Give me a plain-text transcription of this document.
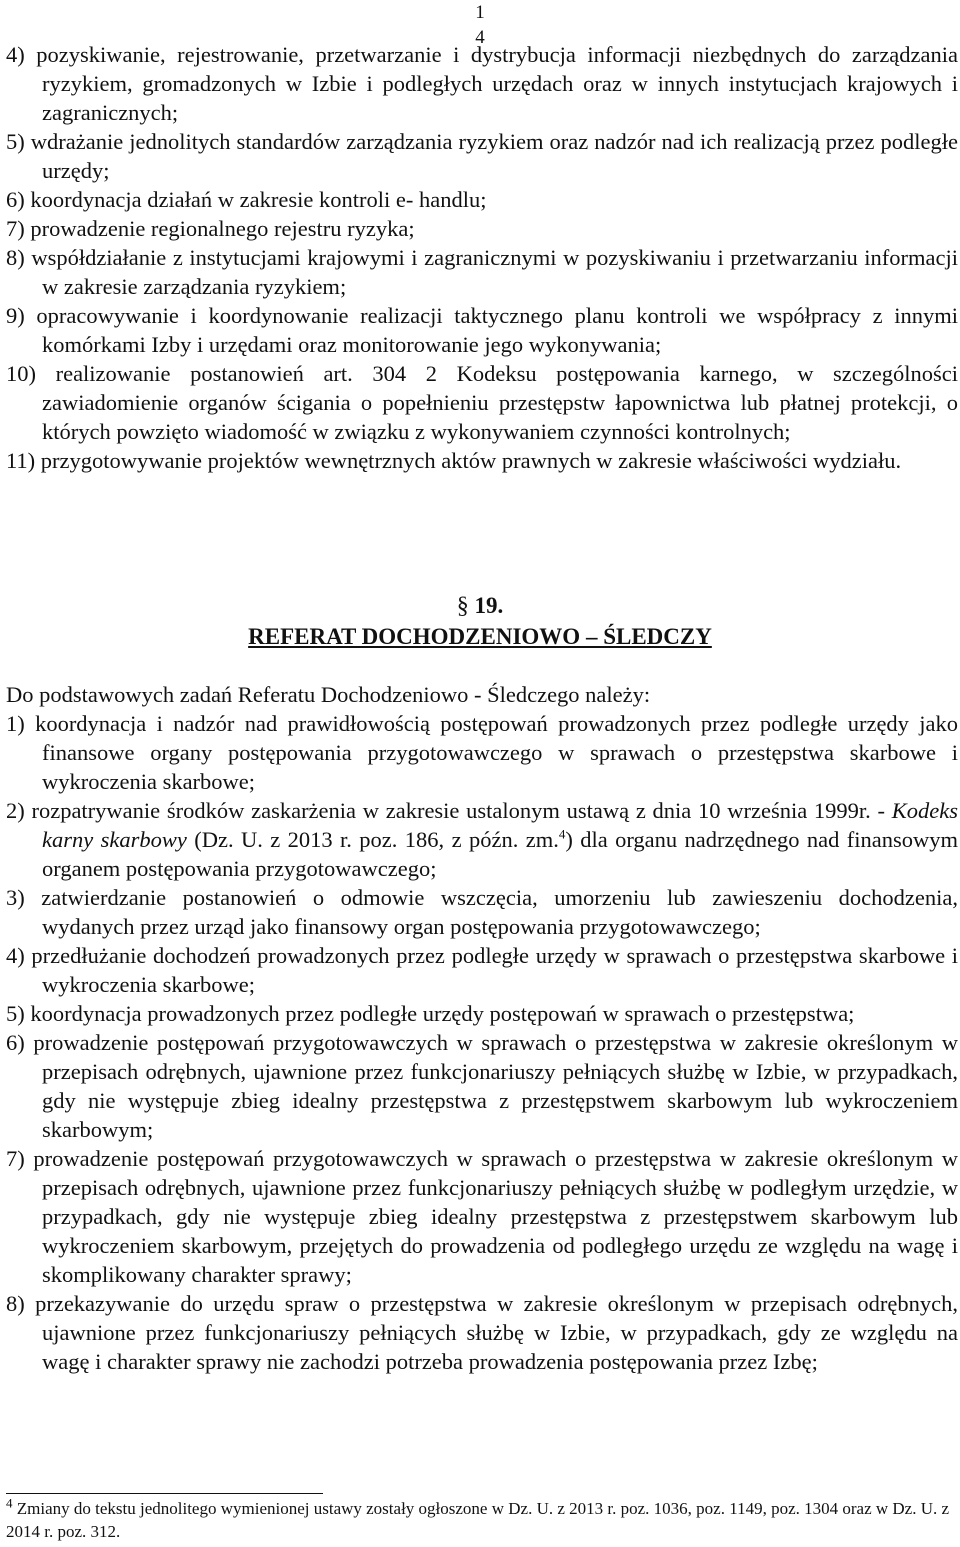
1
4

4) pozyskiwanie, rejestrowanie, przetwarzanie i dystrybucja informacji niezbędnych do zarządzania ryzykiem, gromadzonych w Izbie i podległych urzędach oraz w innych instytucjach krajowych i zagranicznych;

5) wdrażanie jednolitych standardów zarządzania ryzykiem oraz nadzór nad ich realizacją przez podległe urzędy;

6) koordynacja działań w zakresie kontroli e- handlu;

7) prowadzenie regionalnego rejestru ryzyka;

8) współdziałanie z instytucjami krajowymi i zagranicznymi w pozyskiwaniu i przetwarzaniu informacji w zakresie zarządzania ryzykiem;

9) opracowywanie i koordynowanie realizacji taktycznego planu kontroli we współpracy z innymi komórkami Izby i urzędami oraz monitorowanie jego wykonywania;

10) realizowanie postanowień art. 304 2 Kodeksu postępowania karnego, w szczególności zawiadomienie organów ścigania o popełnieniu przestępstw łapownictwa lub płatnej protekcji, o których powzięto wiadomość w związku z wykonywaniem czynności kontrolnych;

11) przygotowywanie projektów wewnętrznych aktów prawnych w zakresie właściwości wydziału.

§ 19.
REFERAT DOCHODZENIOWO – ŚLEDCZY

Do podstawowych zadań Referatu Dochodzeniowo - Śledczego należy:

1) koordynacja i nadzór nad prawidłowością postępowań prowadzonych przez podległe urzędy jako finansowe organy postępowania przygotowawczego w sprawach o przestępstwa skarbowe i wykroczenia skarbowe;

2) rozpatrywanie środków zaskarżenia w zakresie ustalonym ustawą z dnia 10 września 1999r. - Kodeks karny skarbowy (Dz. U. z 2013 r. poz. 186, z późn. zm.$^4$) dla organu nadrzędnego nad finansowym organem postępowania przygotowawczego;

3) zatwierdzanie postanowień o odmowie wszczęcia, umorzeniu lub zawieszeniu dochodzenia, wydanych przez urząd jako finansowy organ postępowania przygotowawczego;

4) przedłużanie dochodzeń prowadzonych przez podległe urzędy w sprawach o przestępstwa skarbowe i wykroczenia skarbowe;

5) koordynacja prowadzonych przez podległe urzędy postępowań w sprawach o przestępstwa;

6) prowadzenie postępowań przygotowawczych w sprawach o przestępstwa w zakresie określonym w przepisach odrębnych, ujawnione przez funkcjonariuszy pełniących służbę w Izbie, w przypadkach, gdy nie występuje zbieg idealny przestępstwa z przestępstwem skarbowym lub wykroczeniem skarbowym;

7) prowadzenie postępowań przygotowawczych w sprawach o przestępstwa w zakresie określonym w przepisach odrębnych, ujawnione przez funkcjonariuszy pełniących służbę w podległym urzędzie, w przypadkach, gdy nie występuje zbieg idealny przestępstwa z przestępstwem skarbowym lub wykroczeniem skarbowym, przejętych do prowadzenia od podległego urzędu ze względu na wagę i skomplikowany charakter sprawy;

8) przekazywanie do urzędu spraw o przestępstwa w zakresie określonym w przepisach odrębnych, ujawnione przez funkcjonariuszy pełniących służbę w Izbie, w przypadkach, gdy ze względu na wagę i charakter sprawy nie zachodzi potrzeba prowadzenia postępowania przez Izbę;

$^4$ Zmiany do tekstu jednolitego wymienionej ustawy zostały ogłoszone w Dz. U. z 2013 r. poz. 1036, poz. 1149, poz. 1304 oraz w Dz. U. z 2014 r. poz. 312.
